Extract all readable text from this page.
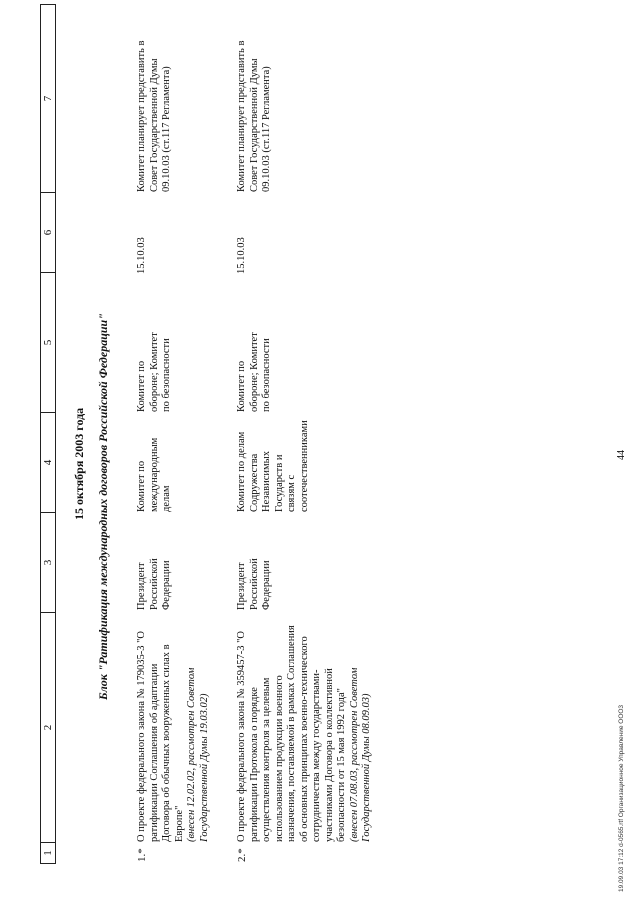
44
1
2
3
4
5
6
7
15 октября 2003 года Блок "Ратификация международных договоров Российской Федерации"
1.*
О проекте федерального закона № 179035-3 "О ратификации Соглашения об адаптации Договора об обычных вооруженных силах в Европе" (внесен 12.02.02, рассмотрен Советом Государственной Думы 19.03.02)
Президент Российской Федерации
Комитет по международным делам
Комитет по обороне; Комитет по безопасности
15.10.03
Комитет планирует представить в Совет Государственной Думы 09.10.03 (ст.117 Регламента)
2.*
О проекте федерального закона № 359457-3 "О ратификации Протокола о порядке осуществления контроля за целевым использованием продукции военного назначения, поставляемой в рамках Соглашения об основных принципах военно-технического сотрудничества между государствами-участниками Договора о коллективной безопасности от 15 мая 1992 года" (внесен 07.08.03, рассмотрен Советом Государственной Думы 08.09.03)
Президент Российской Федерации
Комитет по делам Содружества Независимых Государств и связям с соотечественниками
Комитет по обороне; Комитет по безопасности
15.10.03
Комитет планирует представить в Совет Государственной Думы 09.10.03 (ст.117 Регламента)
19.09.03 17:12 d-0565.rtf Организационное Управление ООО3
